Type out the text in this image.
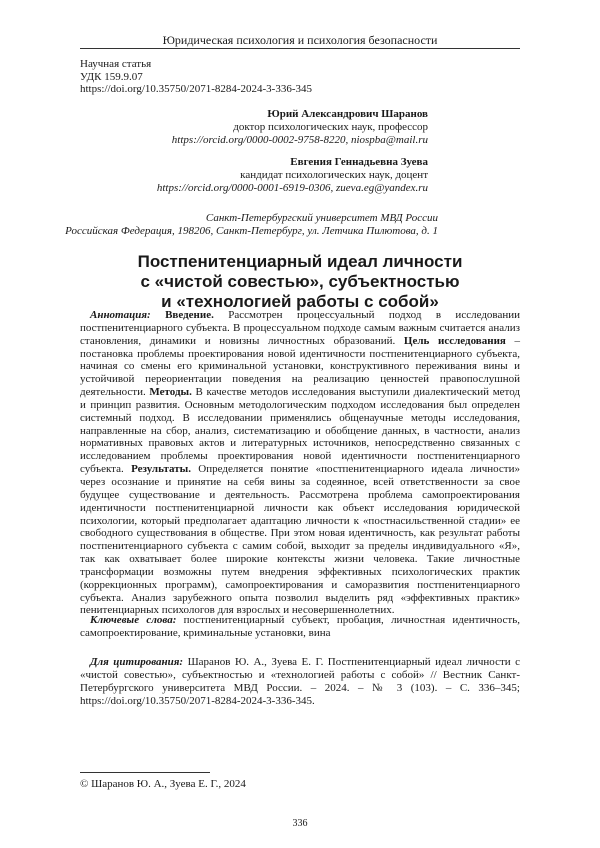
Юридическая психология и психология безопасности
Научная статья
УДК 159.9.07
https://doi.org/10.35750/2071-8284-2024-3-336-345
Юрий Александрович Шаранов
доктор психологических наук, профессор
https://orcid.org/0000-0002-9758-8220, niospba@mail.ru
Евгения Геннадьевна Зуева
кандидат психологических наук, доцент
https://orcid.org/0000-0001-6919-0306, zueva.eg@yandex.ru
Санкт-Петербургский университет МВД России
Российская Федерация, 198206, Санкт-Петербург, ул. Летчика Пилютова, д. 1
Постпенитенциарный идеал личности
с «чистой совестью», субъектностью
и «технологией работы с собой»

Аннотация: Введение. Рассмотрен процессуальный подход в исследовании постпенитенциарного субъекта. В процессуальном подходе самым важным считается анализ становления, динамики и новизны личностных образований. Цель исследования – постановка проблемы проектирования новой идентичности постпенитенциарного субъекта, начиная со смены его криминальной установки, конструктивного переживания вины и устойчивой переориентации поведения на реализацию ценностей правопослушной деятельности. Методы. В качестве методов исследования выступили диалектический метод и принцип развития. Основным методологическим подходом исследования был определен системный подход. В исследовании применялись общенаучные методы исследования, направленные на сбор, анализ, систематизацию и обобщение данных, в частности, анализ нормативных правовых актов и литературных источников, непосредственно связанных с исследованием проблемы проектирования новой идентичности постпенитенциарного субъекта. Результаты. Определяется понятие «постпенитенциарного идеала личности» через осознание и принятие на себя вины за содеянное, всей ответственности за свое будущее существование и деятельность. Рассмотрена проблема самопроектирования идентичности постпенитенциарной личности как объект исследования юридической психологии, который предполагает адаптацию личности к «постнасильственной стадии» ее свободного существования в обществе. При этом новая идентичность, как результат работы постпенитенциарного субъекта с самим собой, выходит за пределы индивидуального «Я», так как охватывает более широкие контексты жизни человека. Такие личностные трансформации возможны путем внедрения эффективных психологических практик (коррекционных программ), самопроектирования и саморазвития постпенитенциарного субъекта. Анализ зарубежного опыта позволил выделить ряд «эффективных практик» пенитенциарных психологов для взрослых и несовершеннолетних.

Ключевые слова: постпенитенциарный субъект, пробация, личностная идентичность, самопроектирование, криминальные установки, вина

Для цитирования: Шаранов Ю. А., Зуева Е. Г. Постпенитенциарный идеал личности с «чистой совестью», субъектностью и «технологией работы с собой» // Вестник Санкт-Петербургского университета МВД России. – 2024. – № 3 (103). – С. 336–345; https://doi.org/10.35750/2071-8284-2024-3-336-345.

© Шаранов Ю. А., Зуева Е. Г., 2024
336
